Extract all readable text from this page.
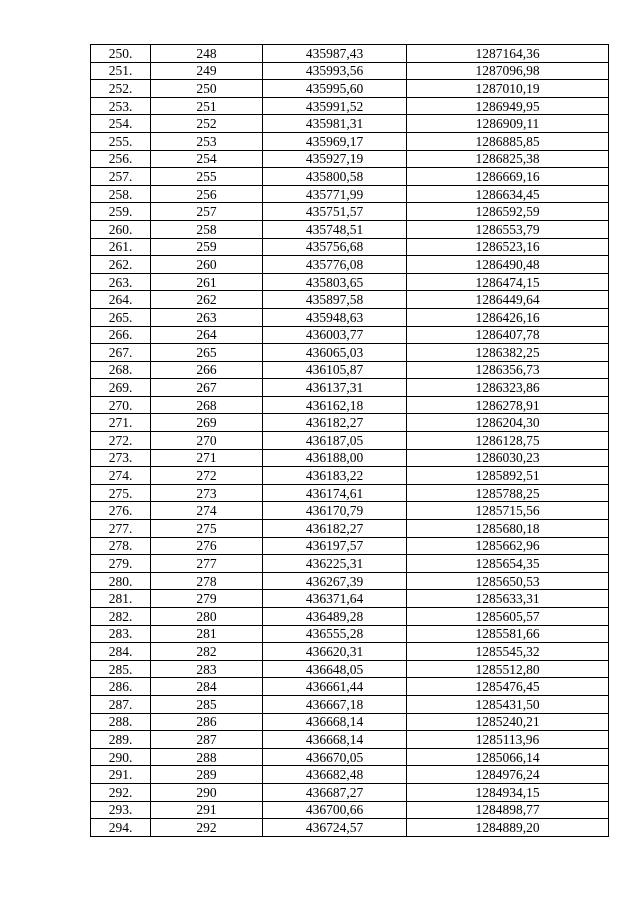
250.	248	435987,43	1287164,36
251.	249	435993,56	1287096,98
252.	250	435995,60	1287010,19
253.	251	435991,52	1286949,95
254.	252	435981,31	1286909,11
255.	253	435969,17	1286885,85
256.	254	435927,19	1286825,38
257.	255	435800,58	1286669,16
258.	256	435771,99	1286634,45
259.	257	435751,57	1286592,59
260.	258	435748,51	1286553,79
261.	259	435756,68	1286523,16
262.	260	435776,08	1286490,48
263.	261	435803,65	1286474,15
264.	262	435897,58	1286449,64
265.	263	435948,63	1286426,16
266.	264	436003,77	1286407,78
267.	265	436065,03	1286382,25
268.	266	436105,87	1286356,73
269.	267	436137,31	1286323,86
270.	268	436162,18	1286278,91
271.	269	436182,27	1286204,30
272.	270	436187,05	1286128,75
273.	271	436188,00	1286030,23
274.	272	436183,22	1285892,51
275.	273	436174,61	1285788,25
276.	274	436170,79	1285715,56
277.	275	436182,27	1285680,18
278.	276	436197,57	1285662,96
279.	277	436225,31	1285654,35
280.	278	436267,39	1285650,53
281.	279	436371,64	1285633,31
282.	280	436489,28	1285605,57
283.	281	436555,28	1285581,66
284.	282	436620,31	1285545,32
285.	283	436648,05	1285512,80
286.	284	436661,44	1285476,45
287.	285	436667,18	1285431,50
288.	286	436668,14	1285240,21
289.	287	436668,14	1285113,96
290.	288	436670,05	1285066,14
291.	289	436682,48	1284976,24
292.	290	436687,27	1284934,15
293.	291	436700,66	1284898,77
294.	292	436724,57	1284889,20
